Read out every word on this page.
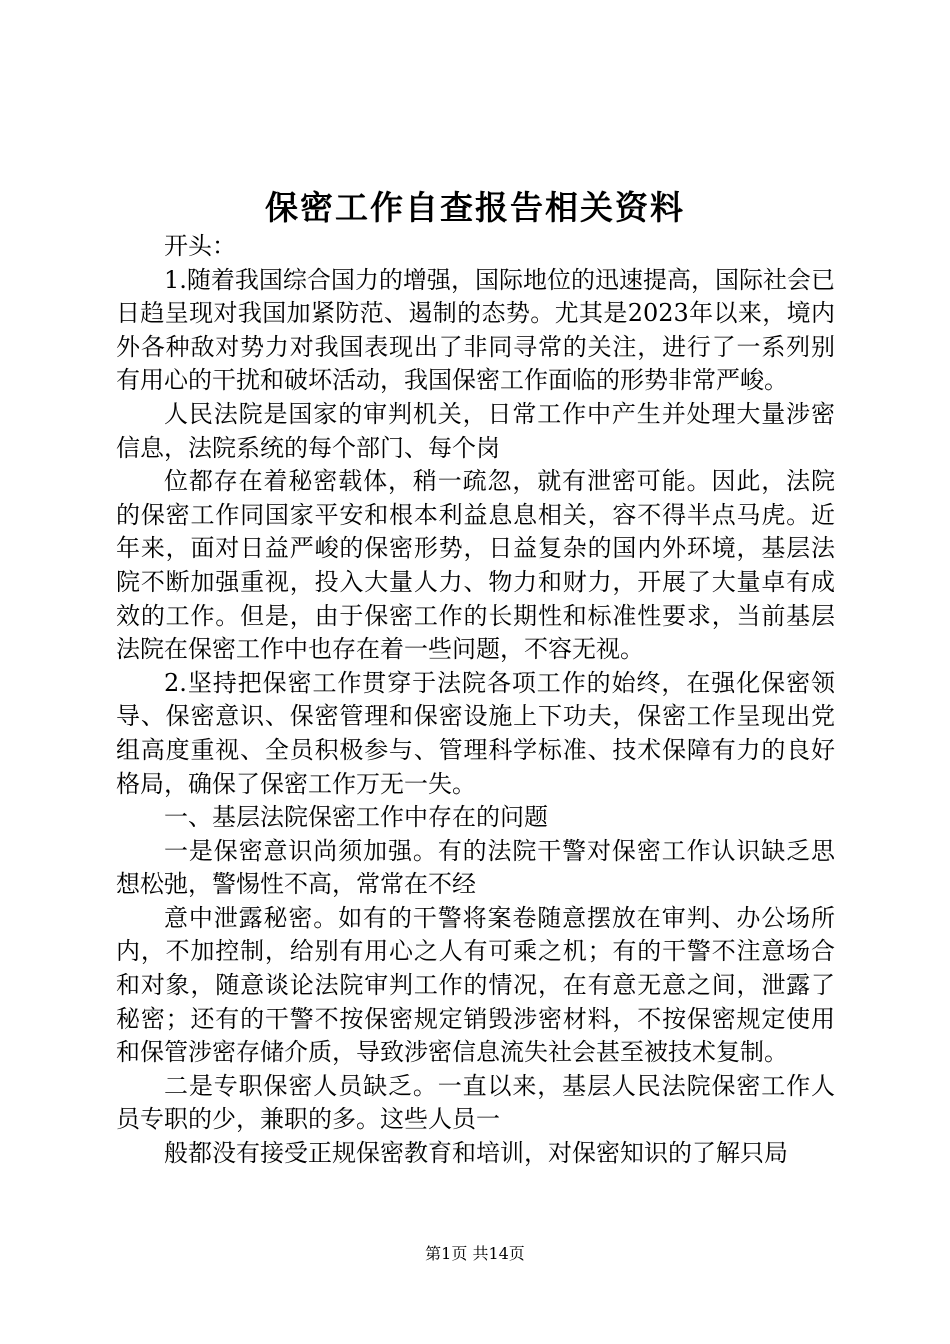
保密工作自查报告相关资料

开头：

1.随着我国综合国力的增强，国际地位的迅速提高，国际社会已日趋呈现对我国加紧防范、遏制的态势。尤其是2023年以来，境内外各种敌对势力对我国表现出了非同寻常的关注，进行了一系列别有用心的干扰和破坏活动，我国保密工作面临的形势非常严峻。

人民法院是国家的审判机关，日常工作中产生并处理大量涉密信息，法院系统的每个部门、每个岗

位都存在着秘密载体，稍一疏忽，就有泄密可能。因此，法院的保密工作同国家平安和根本利益息息相关，容不得半点马虎。近年来，面对日益严峻的保密形势，日益复杂的国内外环境，基层法院不断加强重视，投入大量人力、物力和财力，开展了大量卓有成效的工作。但是，由于保密工作的长期性和标准性要求，当前基层法院在保密工作中也存在着一些问题，不容无视。

2.坚持把保密工作贯穿于法院各项工作的始终，在强化保密领导、保密意识、保密管理和保密设施上下功夫，保密工作呈现出党组高度重视、全员积极参与、管理科学标准、技术保障有力的良好格局，确保了保密工作万无一失。

一、基层法院保密工作中存在的问题

一是保密意识尚须加强。有的法院干警对保密工作认识缺乏思想松弛，警惕性不高，常常在不经

意中泄露秘密。如有的干警将案卷随意摆放在审判、办公场所内，不加控制，给别有用心之人有可乘之机；有的干警不注意场合和对象，随意谈论法院审判工作的情况，在有意无意之间，泄露了秘密；还有的干警不按保密规定销毁涉密材料，不按保密规定使用和保管涉密存储介质，导致涉密信息流失社会甚至被技术复制。

二是专职保密人员缺乏。一直以来，基层人民法院保密工作人员专职的少，兼职的多。这些人员一

般都没有接受正规保密教育和培训，对保密知识的了解只局

第1页 共14页
